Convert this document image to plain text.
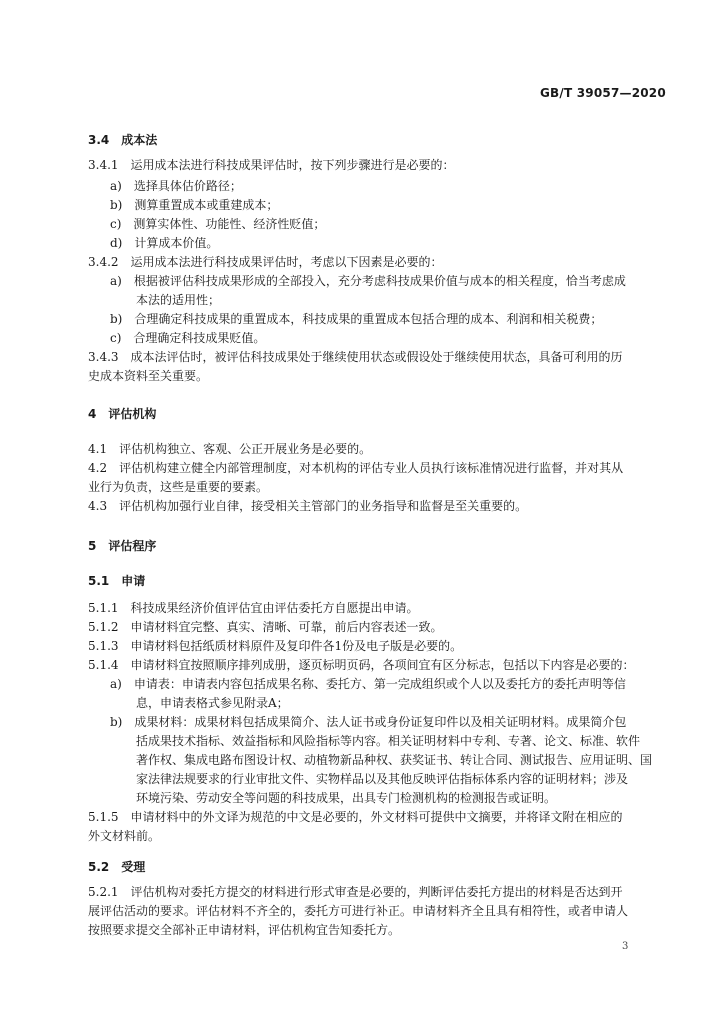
GB/T 39057—2020
3.4　成本法
3.4.1　运用成本法进行科技成果评估时，按下列步骤进行是必要的：
a)　选择具体估价路径；
b)　测算重置成本或重建成本；
c)　测算实体性、功能性、经济性贬值；
d)　计算成本价值。
3.4.2　运用成本法进行科技成果评估时，考虑以下因素是必要的：
a)　根据被评估科技成果形成的全部投入，充分考虑科技成果价值与成本的相关程度，恰当考虑成
本法的适用性；
b)　合理确定科技成果的重置成本，科技成果的重置成本包括合理的成本、利润和相关税费；
c)　合理确定科技成果贬值。
3.4.3　成本法评估时，被评估科技成果处于继续使用状态或假设处于继续使用状态，具备可利用的历
史成本资料至关重要。
4　评估机构
4.1　评估机构独立、客观、公正开展业务是必要的。
4.2　评估机构建立健全内部管理制度，对本机构的评估专业人员执行该标准情况进行监督，并对其从
业行为负责，这些是重要的要素。
4.3　评估机构加强行业自律，接受相关主管部门的业务指导和监督是至关重要的。
5　评估程序
5.1　申请
5.1.1　科技成果经济价值评估宜由评估委托方自愿提出申请。
5.1.2　申请材料宜完整、真实、清晰、可靠，前后内容表述一致。
5.1.3　申请材料包括纸质材料原件及复印件各1份及电子版是必要的。
5.1.4　申请材料宜按照顺序排列成册，逐页标明页码，各项间宜有区分标志，包括以下内容是必要的：
a)　申请表：申请表内容包括成果名称、委托方、第一完成组织或个人以及委托方的委托声明等信
息，申请表格式参见附录A；
b)　成果材料：成果材料包括成果简介、法人证书或身份证复印件以及相关证明材料。成果简介包
括成果技术指标、效益指标和风险指标等内容。相关证明材料中专利、专著、论文、标准、软件
著作权、集成电路布图设计权、动植物新品种权、获奖证书、转让合同、测试报告、应用证明、国
家法律法规要求的行业审批文件、实物样品以及其他反映评估指标体系内容的证明材料；涉及
环境污染、劳动安全等问题的科技成果，出具专门检测机构的检测报告或证明。
5.1.5　申请材料中的外文译为规范的中文是必要的，外文材料可提供中文摘要，并将译文附在相应的
外文材料前。
5.2　受理
5.2.1　评估机构对委托方提交的材料进行形式审查是必要的，判断评估委托方提出的材料是否达到开
展评估活动的要求。评估材料不齐全的，委托方可进行补正。申请材料齐全且具有相符性，或者申请人
按照要求提交全部补正申请材料，评估机构宜告知委托方。
3
